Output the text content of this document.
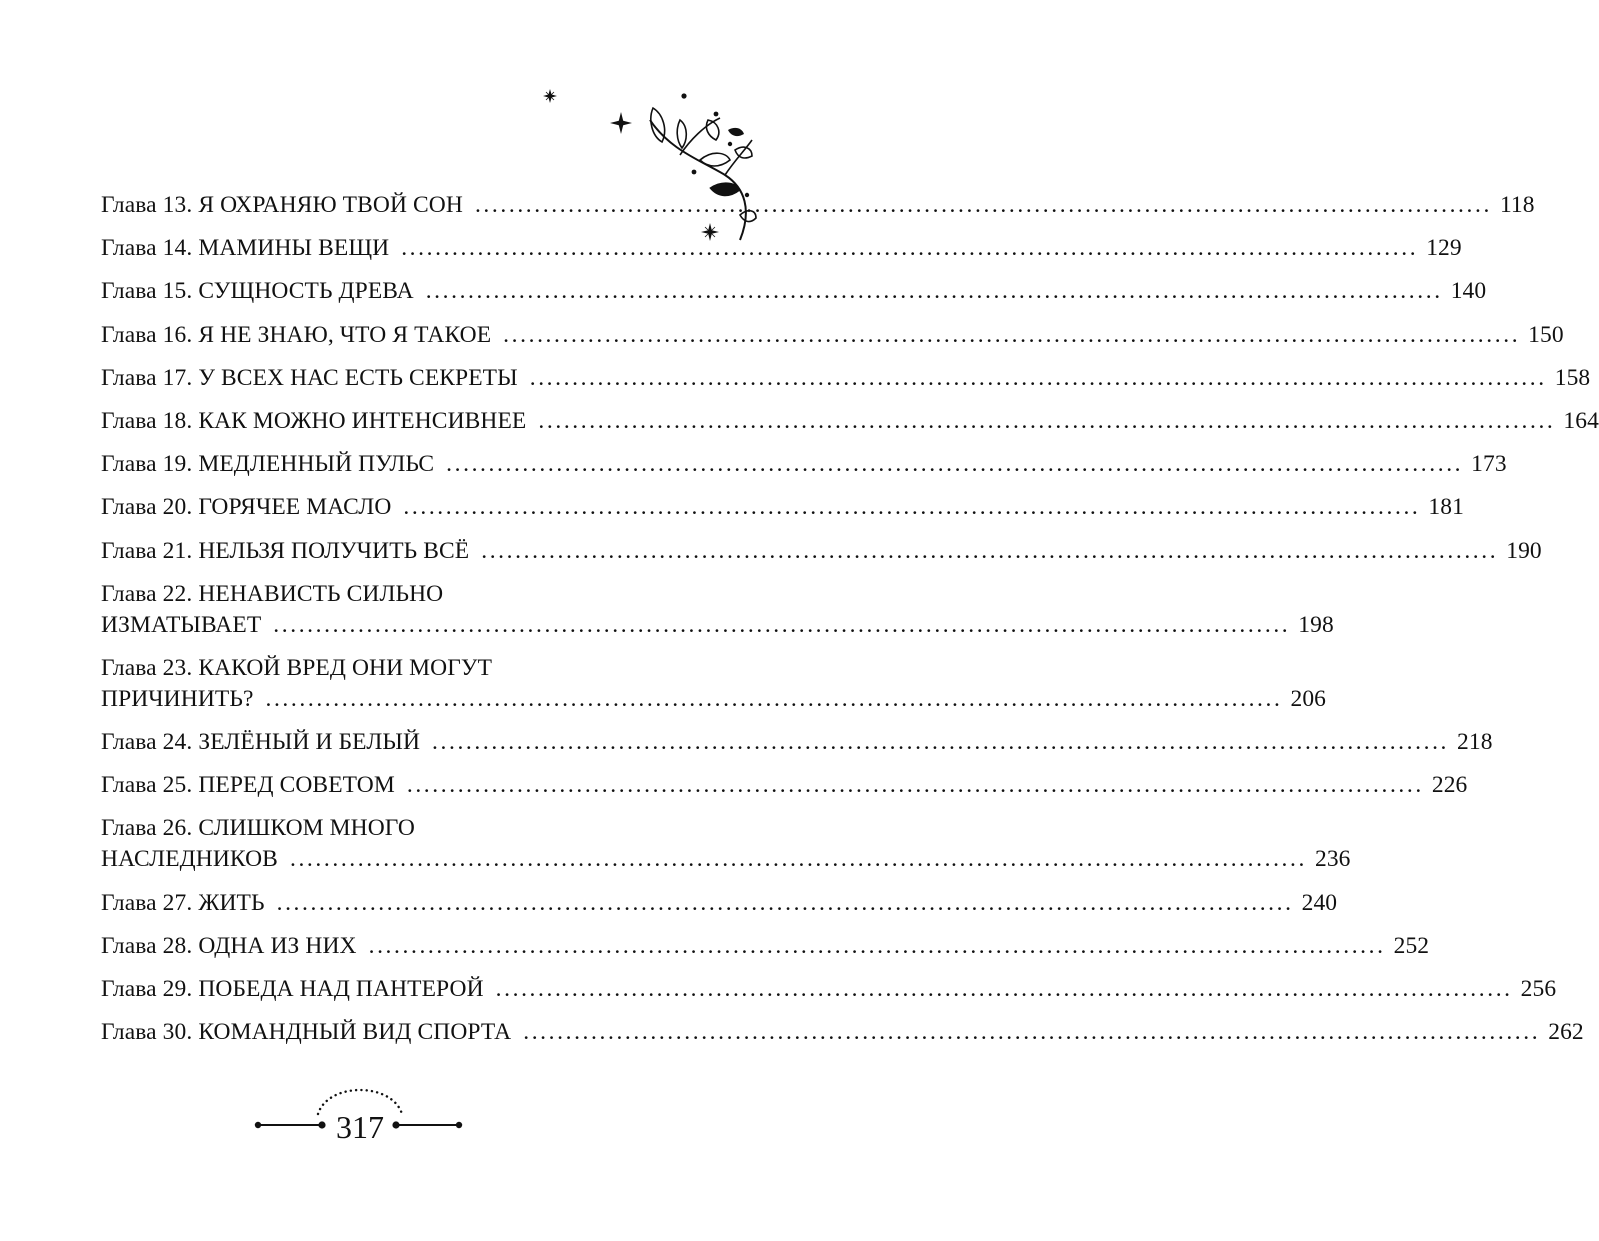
Глава 13. Я ОХРАНЯЮ ТВОЙ СОН ........................................................................................................................ 118
Глава 14. МАМИНЫ ВЕЩИ ........................................................................................................................ 129
Глава 15. СУЩНОСТЬ ДРЕВА ........................................................................................................................ 140
Глава 16. Я НЕ ЗНАЮ, ЧТО Я ТАКОЕ ........................................................................................................................ 150
Глава 17. У ВСЕХ НАС ЕСТЬ СЕКРЕТЫ ........................................................................................................................ 158
Глава 18. КАК МОЖНО ИНТЕНСИВНЕЕ ........................................................................................................................ 164
Глава 19. МЕДЛЕННЫЙ ПУЛЬС ........................................................................................................................ 173
Глава 20. ГОРЯЧЕЕ МАСЛО ........................................................................................................................ 181
Глава 21. НЕЛЬЗЯ ПОЛУЧИТЬ ВСЁ ........................................................................................................................ 190
Глава 22. НЕНАВИСТЬ СИЛЬНО
ИЗМАТЫВАЕТ ........................................................................................................................ 198
Глава 23. КАКОЙ ВРЕД ОНИ МОГУТ
ПРИЧИНИТЬ? ........................................................................................................................ 206
Глава 24. ЗЕЛЁНЫЙ И БЕЛЫЙ ........................................................................................................................ 218
Глава 25. ПЕРЕД СОВЕТОМ ........................................................................................................................ 226
Глава 26. СЛИШКОМ МНОГО
НАСЛЕДНИКОВ ........................................................................................................................ 236
Глава 27. ЖИТЬ ........................................................................................................................ 240
Глава 28. ОДНА ИЗ НИХ ........................................................................................................................ 252
Глава 29. ПОБЕДА НАД ПАНТЕРОЙ ........................................................................................................................ 256
Глава 30. КОМАНДНЫЙ ВИД СПОРТА ........................................................................................................................ 262
317
